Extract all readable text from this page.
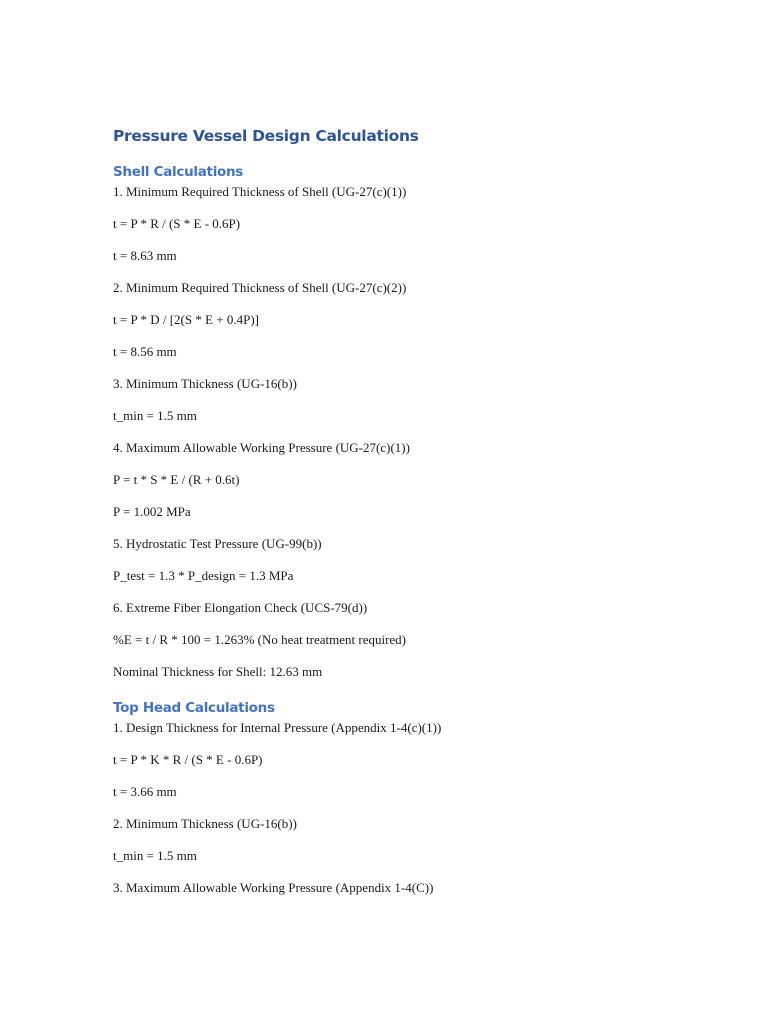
Pressure Vessel Design Calculations
Shell Calculations

1. Minimum Required Thickness of Shell (UG-27(c)(1))

t = P * R / (S * E - 0.6P)

t = 8.63 mm

2. Minimum Required Thickness of Shell (UG-27(c)(2))

t = P * D / [2(S * E + 0.4P)]

t = 8.56 mm

3. Minimum Thickness (UG-16(b))

t_min = 1.5 mm

4. Maximum Allowable Working Pressure (UG-27(c)(1))

P = t * S * E / (R + 0.6t)

P = 1.002 MPa

5. Hydrostatic Test Pressure (UG-99(b))

P_test = 1.3 * P_design = 1.3 MPa

6. Extreme Fiber Elongation Check (UCS-79(d))

%E = t / R * 100 = 1.263% (No heat treatment required)

Nominal Thickness for Shell: 12.63 mm

Top Head Calculations

1. Design Thickness for Internal Pressure (Appendix 1-4(c)(1))

t = P * K * R / (S * E - 0.6P)

t = 3.66 mm

2. Minimum Thickness (UG-16(b))

t_min = 1.5 mm

3. Maximum Allowable Working Pressure (Appendix 1-4(C))
